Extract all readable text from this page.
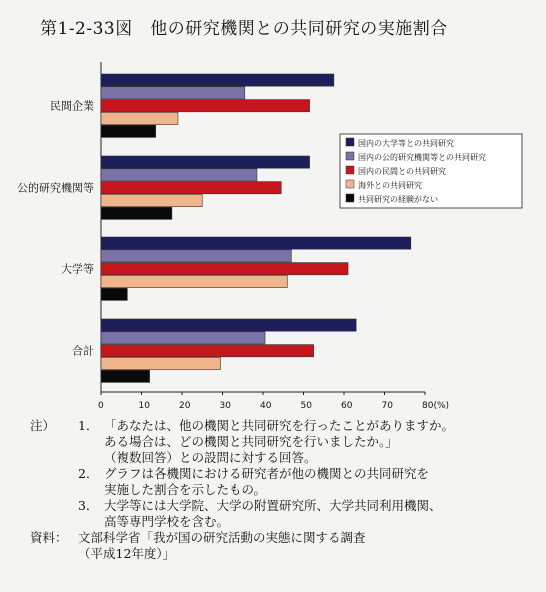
第1-2-33図　他の研究機関との共同研究の実施割合
0	10	20	30	40	50	60	70	80(%)
民間企業
公的研究機関等
大学等
合計
国内の大学等との共同研究
国内の公的研究機関等との共同研究
国内の民間との共同研究
海外との共同研究
共同研究の経験がない
注）	1． 「あなたは、他の機関と共同研究を行ったことがありますか。
ある場合は、どの機関と共同研究を行いましたか。」
（複数回答）との設問に対する回答。
2． グラフは各機関における研究者が他の機関との共同研究を
実施した割合を示したもの。
3． 大学等には大学院、大学の附置研究所、大学共同利用機関、
高等専門学校を含む。
資料： 文部科学省「我が国の研究活動の実態に関する調査
（平成12年度）」
